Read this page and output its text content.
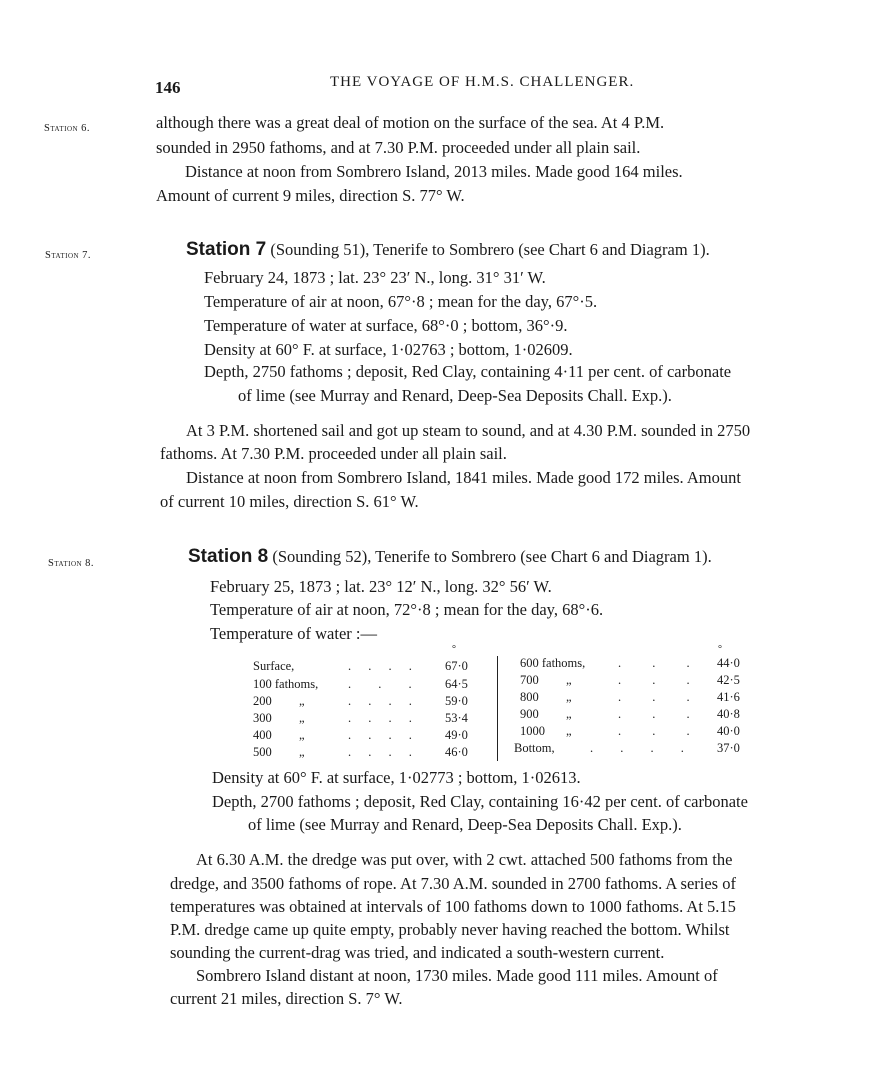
146	THE VOYAGE OF H.M.S. CHALLENGER.
Station 6.	although there was a great deal of motion on the surface of the sea. At 4 P.M.
sounded in 2950 fathoms, and at 7.30 P.M. proceeded under all plain sail.
Distance at noon from Sombrero Island, 2013 miles. Made good 164 miles.
Amount of current 9 miles, direction S. 77° W.
Station 7.	Station 7 (Sounding 51), Tenerife to Sombrero (see Chart 6 and Diagram 1).
February 24, 1873 ; lat. 23° 23′ N., long. 31° 31′ W.
Temperature of air at noon, 67°·8 ; mean for the day, 67°·5.
Temperature of water at surface, 68°·0 ; bottom, 36°·9.
Density at 60° F. at surface, 1·02763 ; bottom, 1·02609.
Depth, 2750 fathoms ; deposit, Red Clay, containing 4·11 per cent. of carbonate
of lime (see Murray and Renard, Deep-Sea Deposits Chall. Exp.).
At 3 P.M. shortened sail and got up steam to sound, and at 4.30 P.M. sounded in 2750
fathoms. At 7.30 P.M. proceeded under all plain sail.
Distance at noon from Sombrero Island, 1841 miles. Made good 172 miles. Amount
of current 10 miles, direction S. 61° W.
Station 8.	Station 8 (Sounding 52), Tenerife to Sombrero (see Chart 6 and Diagram 1).
February 25, 1873 ; lat. 23° 12′ N., long. 32° 56′ W.
Temperature of air at noon, 72°·8 ; mean for the day, 68°·6.
Temperature of water :—
°	°
Surface,	. . . . 67·0
100 fathoms, . . . 64·5
200 „	. . . . 59·0
300 „	. . . . 53·4
400 „	. . . . 49·0
500 „	. . . . 46·0
600 fathoms,	. . . 44·0
700 „	. . . 42·5
800 „	. . . 41·6
900 „	. . . 40·8
1000 „	. . . 40·0
Bottom,	. . . . 37·0
Density at 60° F. at surface, 1·02773 ; bottom, 1·02613.
Depth, 2700 fathoms ; deposit, Red Clay, containing 16·42 per cent. of carbonate
of lime (see Murray and Renard, Deep-Sea Deposits Chall. Exp.).
At 6.30 A.M. the dredge was put over, with 2 cwt. attached 500 fathoms from the
dredge, and 3500 fathoms of rope. At 7.30 A.M. sounded in 2700 fathoms. A series of
temperatures was obtained at intervals of 100 fathoms down to 1000 fathoms. At 5.15
P.M. dredge came up quite empty, probably never having reached the bottom. Whilst
sounding the current-drag was tried, and indicated a south-western current.
Sombrero Island distant at noon, 1730 miles. Made good 111 miles. Amount of
current 21 miles, direction S. 7° W.
